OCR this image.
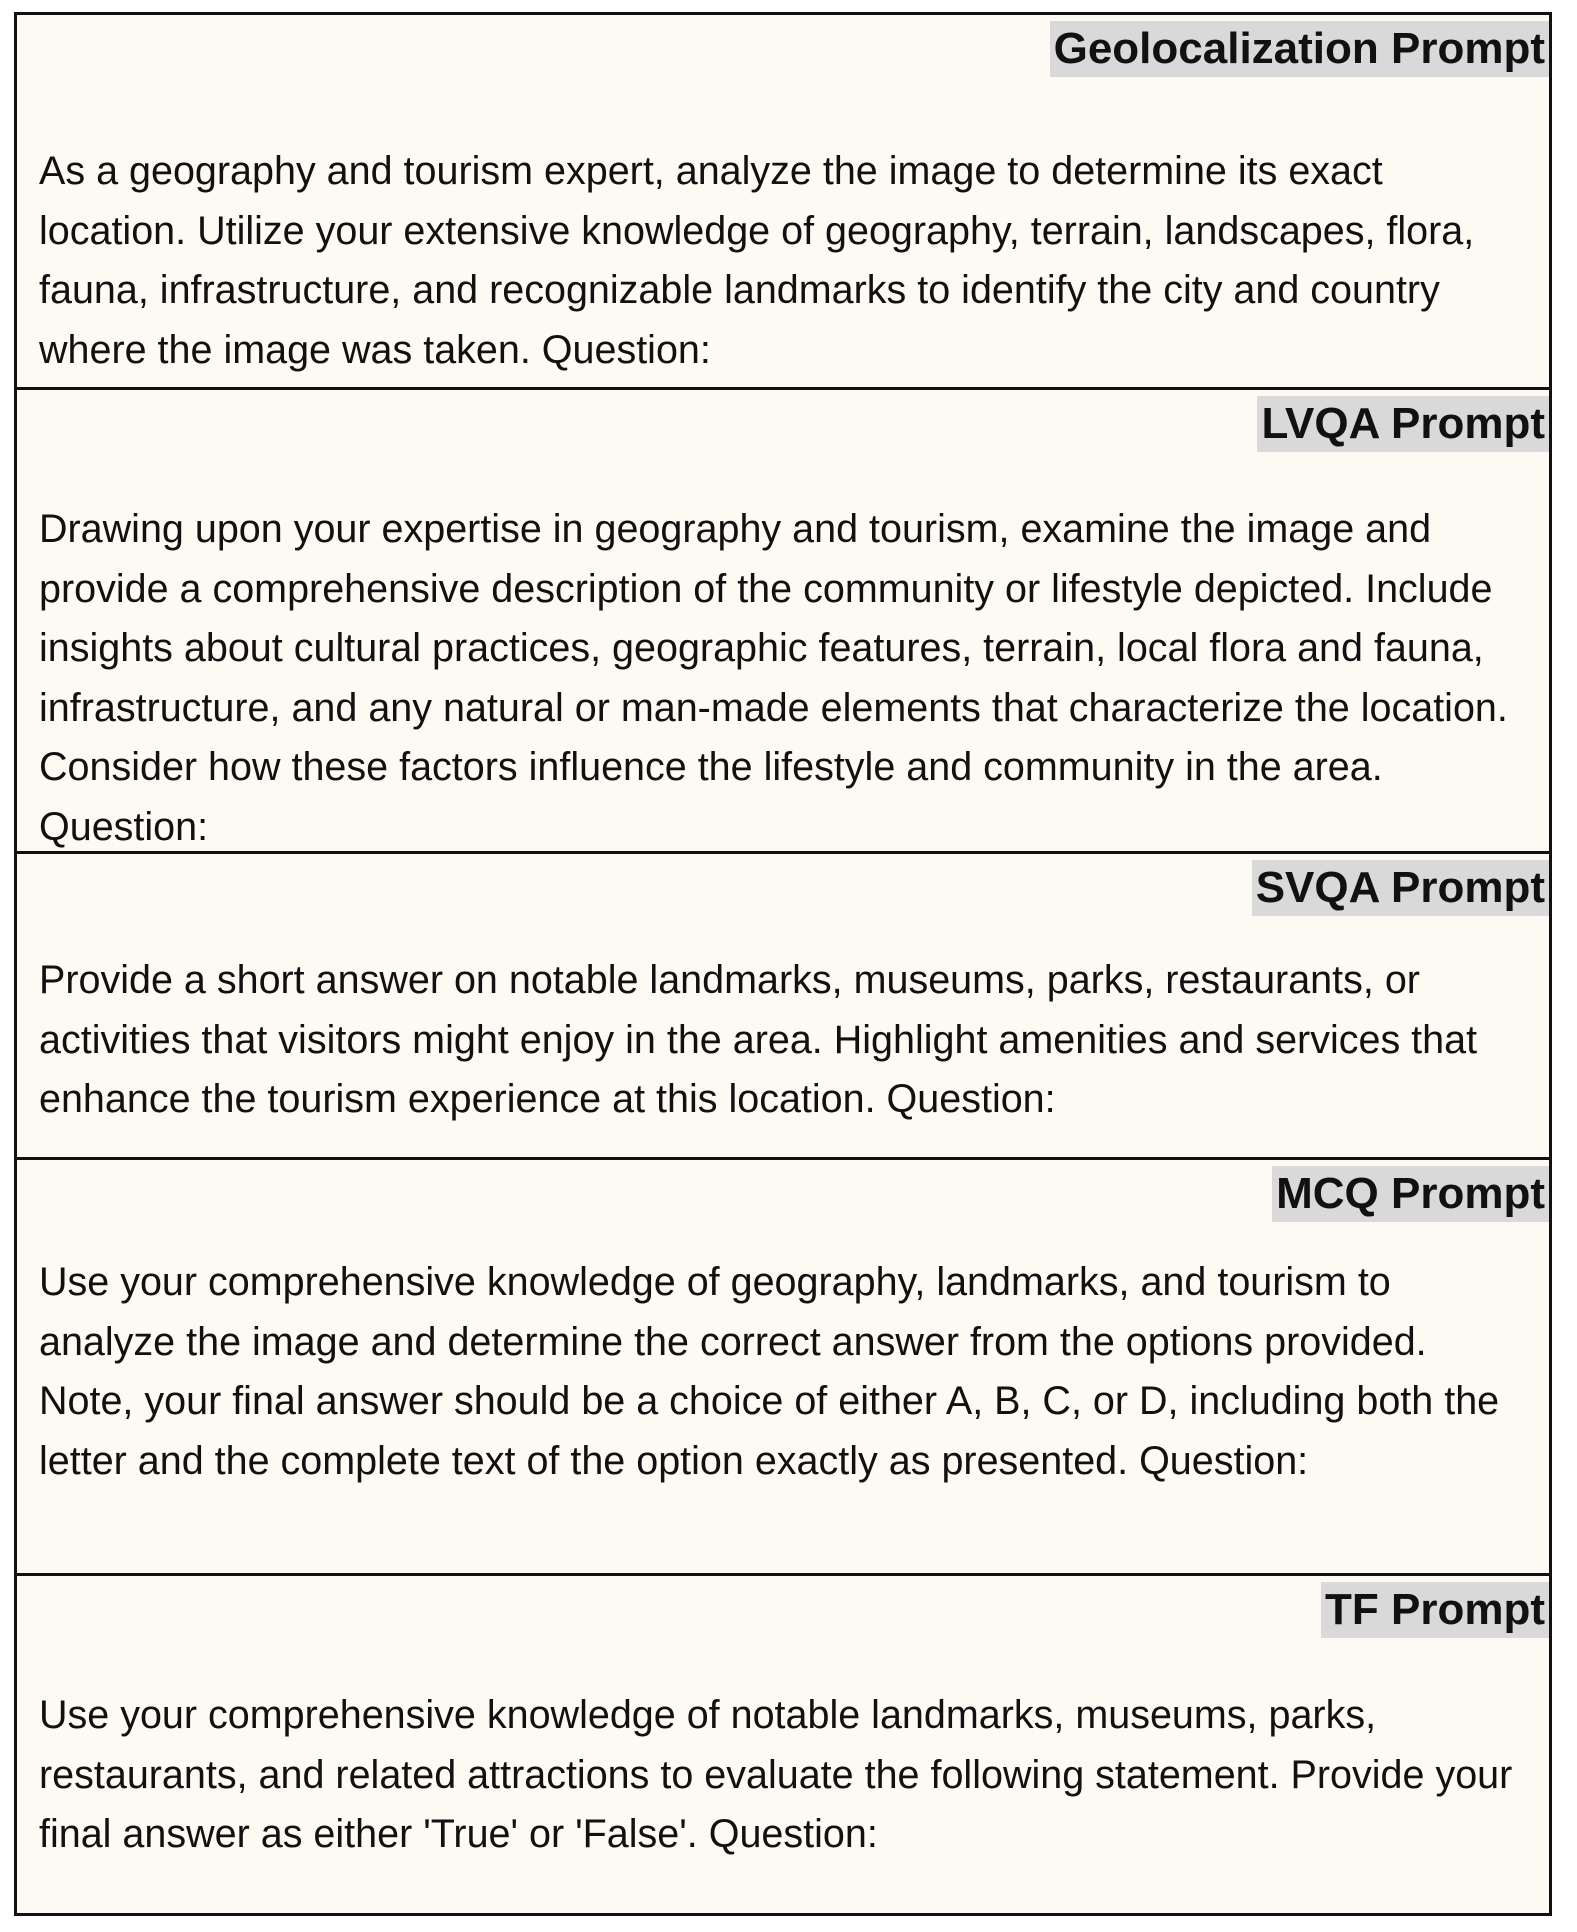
Geolocalization Prompt

As a geography and tourism expert, analyze the image to determine its exact location. Utilize your extensive knowledge of geography, terrain, landscapes, flora, fauna, infrastructure, and recognizable landmarks to identify the city and country where the image was taken. Question:

LVQA Prompt

Drawing upon your expertise in geography and tourism, examine the image and provide a comprehensive description of the community or lifestyle depicted. Include insights about cultural practices, geographic features, terrain, local flora and fauna, infrastructure, and any natural or man-made elements that characterize the location. Consider how these factors influence the lifestyle and community in the area. Question:

SVQA Prompt

Provide a short answer on notable landmarks, museums, parks, restaurants, or activities that visitors might enjoy in the area. Highlight amenities and services that enhance the tourism experience at this location. Question:

MCQ Prompt

Use your comprehensive knowledge of geography, landmarks, and tourism to analyze the image and determine the correct answer from the options provided. Note, your final answer should be a choice of either A, B, C, or D, including both the letter and the complete text of the option exactly as presented. Question:

TF Prompt

Use your comprehensive knowledge of notable landmarks, museums, parks, restaurants, and related attractions to evaluate the following statement. Provide your final answer as either 'True' or 'False'. Question:
